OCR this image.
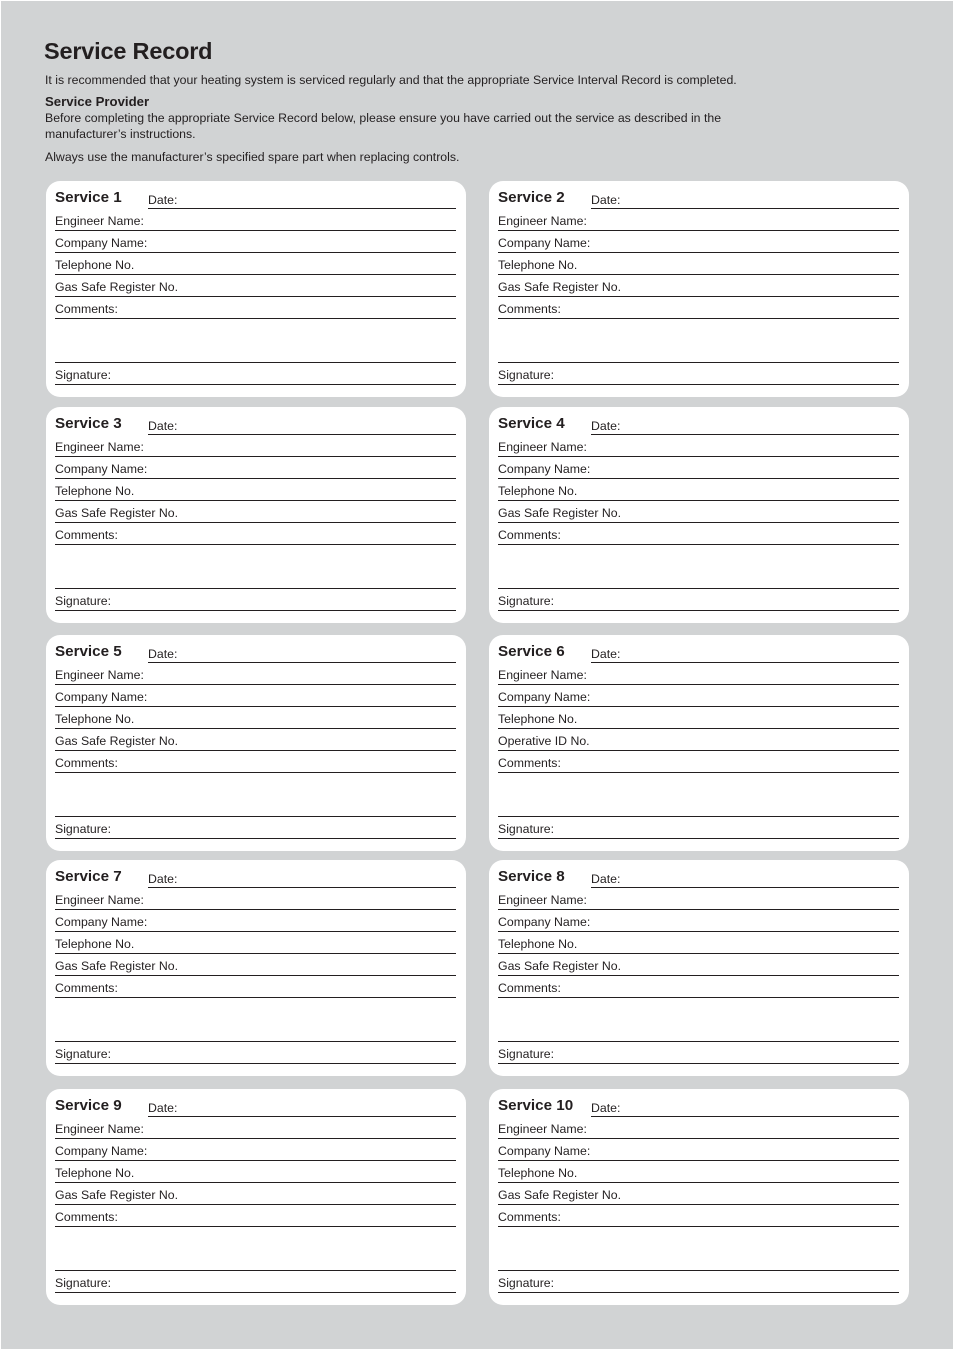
Service Record
It is recommended that your heating system is serviced regularly and that the appropriate Service Interval Record is completed.
Service Provider
Before completing the appropriate Service Record below, please ensure you have carried out the service as described in the manufacturer’s instructions.
Always use the manufacturer’s specified spare part when replacing controls.
Service 1 Date:
Engineer Name:
Company Name:
Telephone No.
Gas Safe Register No.
Comments:
Signature:
Service 2 Date:
Engineer Name:
Company Name:
Telephone No.
Gas Safe Register No.
Comments:
Signature:
Service 3 Date:
Engineer Name:
Company Name:
Telephone No.
Gas Safe Register No.
Comments:
Signature:
Service 4 Date:
Engineer Name:
Company Name:
Telephone No.
Gas Safe Register No.
Comments:
Signature:
Service 5 Date:
Engineer Name:
Company Name:
Telephone No.
Gas Safe Register No.
Comments:
Signature:
Service 6 Date:
Engineer Name:
Company Name:
Telephone No.
Operative ID No.
Comments:
Signature:
Service 7 Date:
Engineer Name:
Company Name:
Telephone No.
Gas Safe Register No.
Comments:
Signature:
Service 8 Date:
Engineer Name:
Company Name:
Telephone No.
Gas Safe Register No.
Comments:
Signature:
Service 9 Date:
Engineer Name:
Company Name:
Telephone No.
Gas Safe Register No.
Comments:
Signature:
Service 10 Date:
Engineer Name:
Company Name:
Telephone No.
Gas Safe Register No.
Comments:
Signature:
